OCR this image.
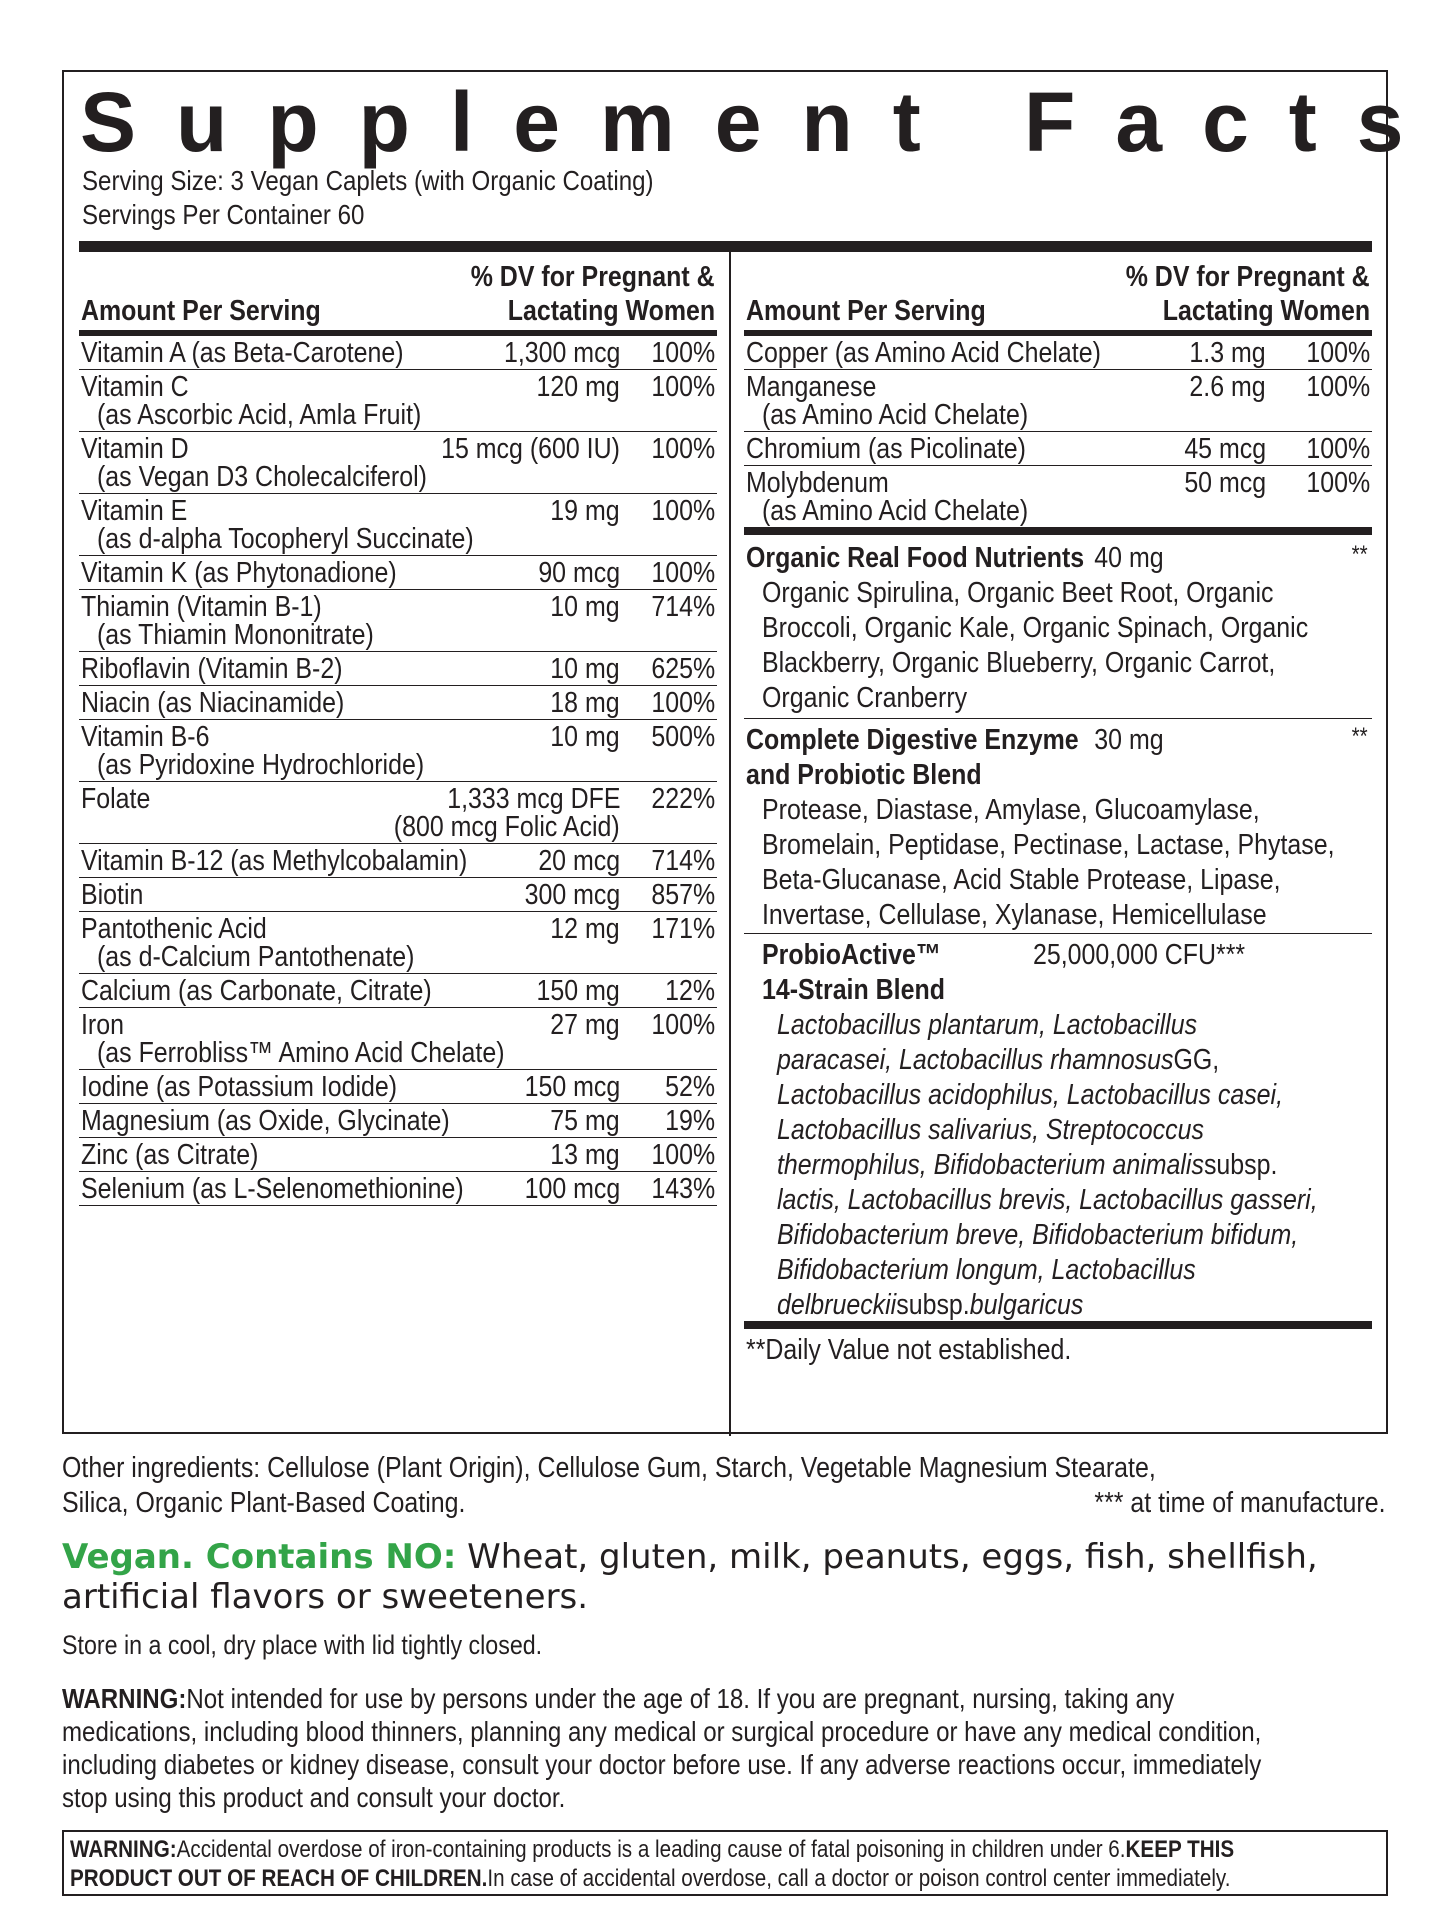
Supplement Facts
Serving Size: 3 Vegan Caplets (with Organic Coating)
Servings Per Container 60
Amount Per Serving
% DV for Pregnant &
Lactating Women
Vitamin A (as Beta-Carotene)	1,300 mcg	100%
Vitamin C	120 mg	100%
(as Ascorbic Acid, Amla Fruit)
Vitamin D	15 mcg (600 IU)	100%
(as Vegan D3 Cholecalciferol)
Vitamin E	19 mg	100%
(as d-alpha Tocopheryl Succinate)
Vitamin K (as Phytonadione)	90 mcg	100%
Thiamin (Vitamin B-1)	10 mg	714%
(as Thiamin Mononitrate)
Riboflavin (Vitamin B-2)	10 mg	625%
Niacin (as Niacinamide)	18 mg	100%
Vitamin B-6	10 mg	500%
(as Pyridoxine Hydrochloride)
Folate	1,333 mcg DFE	222%
(800 mcg Folic Acid)
Vitamin B-12 (as Methylcobalamin)	20 mcg	714%
Biotin	300 mcg	857%
Pantothenic Acid	12 mg	171%
(as d-Calcium Pantothenate)
Calcium (as Carbonate, Citrate)	150 mg 12%
Iron	27 mg	100%
(as Ferrobliss™ Amino Acid Chelate)
Iodine (as Potassium Iodide)	150 mcg 52%
Magnesium (as Oxide, Glycinate)	75 mg 19%
Zinc (as Citrate)	13 mg	100%
Selenium (as L-Selenomethionine)	100 mcg	143%
Amount Per Serving
% DV for Pregnant &
Lactating Women
Copper (as Amino Acid Chelate)	1.3 mg	100%
Manganese	2.6 mg	100%
(as Amino Acid Chelate)
Chromium (as Picolinate)	45 mcg	100%
Molybdenum	50 mcg	100%
(as Amino Acid Chelate)
Organic Real Food Nutrients 40 mg	**
Organic Spirulina, Organic Beet Root, Organic
Broccoli, Organic Kale, Organic Spinach, Organic
Blackberry, Organic Blueberry, Organic Carrot,
Organic Cranberry
Complete Digestive Enzyme
and Probiotic Blend
30 mg	**
Protease, Diastase, Amylase, Glucoamylase,
Bromelain, Peptidase, Pectinase, Lactase, Phytase,
Beta-Glucanase, Acid Stable Protease, Lipase,
Invertase, Cellulase, Xylanase, Hemicellulase
ProbioActive™
14-Strain Blend
25,000,000 CFU***
Lactobacillus plantarum, Lactobacillus
paracasei, Lactobacillus rhamnosusGG,
Lactobacillus acidophilus, Lactobacillus casei,
Lactobacillus salivarius, Streptococcus
thermophilus, Bifidobacterium animalissubsp.
lactis, Lactobacillus brevis, Lactobacillus gasseri,
Bifidobacterium breve, Bifidobacterium bifidum,
Bifidobacterium longum, Lactobacillus
delbrueckiisubsp.bulgaricus
**Daily Value not established.
Other ingredients: Cellulose (Plant Origin), Cellulose Gum, Starch, Vegetable Magnesium Stearate,
Silica, Organic Plant-Based Coating.	*** at time of manufacture.
Vegan. Contains NO: Wheat, gluten, milk, peanuts, eggs, fish, shellfish, artificial flavors or sweeteners.
Store in a cool, dry place with lid tightly closed.
WARNING:Not intended for use by persons under the age of 18. If you are pregnant, nursing, taking any
medications, including blood thinners, planning any medical or surgical procedure or have any medical condition,
including diabetes or kidney disease, consult your doctor before use. If any adverse reactions occur, immediately
stop using this product and consult your doctor.
WARNING:Accidental overdose of iron-containing products is a leading cause of fatal poisoning in children under 6.KEEP THIS
PRODUCT OUT OF REACH OF CHILDREN.In case of accidental overdose, call a doctor or poison control center immediately.
